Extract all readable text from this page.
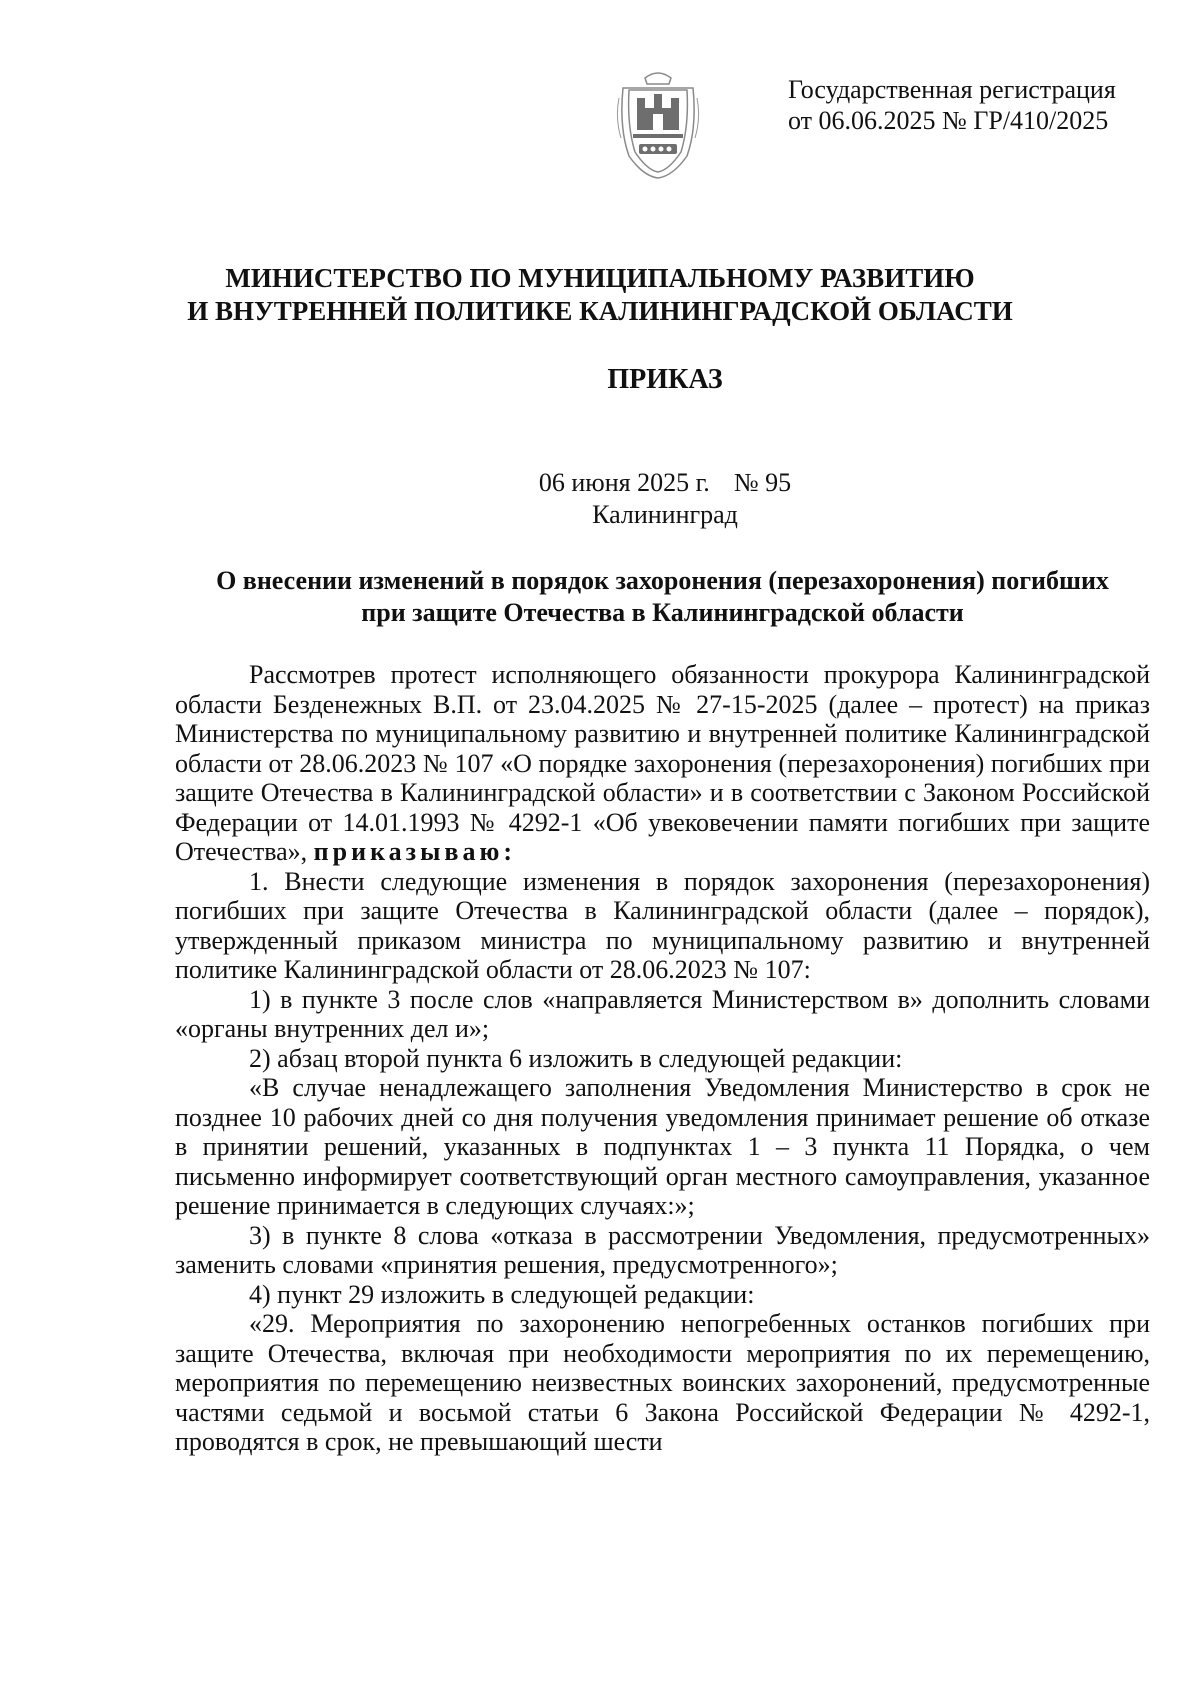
Государственная регистрация
от 06.06.2025 № ГР/410/2025
МИНИСТЕРСТВО ПО МУНИЦИПАЛЬНОМУ РАЗВИТИЮ
И ВНУТРЕННЕЙ ПОЛИТИКЕ КАЛИНИНГРАДСКОЙ ОБЛАСТИ
ПРИКАЗ
06 июня 2025 г. № 95
Калининград
О внесении изменений в порядок захоронения (перезахоронения) погибших
при защите Отечества в Калининградской области

Рассмотрев протест исполняющего обязанности прокурора Калининградской области Безденежных В.П. от 23.04.2025 № 27-15-2025 (далее – протест) на приказ Министерства по муниципальному развитию и внутренней политике Калининградской области от 28.06.2023 № 107 «О порядке захоронения (перезахоронения) погибших при защите Отечества в Калининградской области» и в соответствии с Законом Российской Федерации от 14.01.1993 № 4292-1 «Об увековечении памяти погибших при защите Отечества», приказываю:

1. Внести следующие изменения в порядок захоронения (перезахоронения) погибших при защите Отечества в Калининградской области (далее – порядок), утвержденный приказом министра по муниципальному развитию и внутренней политике Калининградской области от 28.06.2023 № 107:

1) в пункте 3 после слов «направляется Министерством в» дополнить словами «органы внутренних дел и»;

2) абзац второй пункта 6 изложить в следующей редакции:

«В случае ненадлежащего заполнения Уведомления Министерство в срок не позднее 10 рабочих дней со дня получения уведомления принимает решение об отказе в принятии решений, указанных в подпунктах 1 – 3 пункта 11 Порядка, о чем письменно информирует соответствующий орган местного самоуправления, указанное решение принимается в следующих случаях:»;

3) в пункте 8 слова «отказа в рассмотрении Уведомления, предусмотренных» заменить словами «принятия решения, предусмотренного»;

4) пункт 29 изложить в следующей редакции:

«29. Мероприятия по захоронению непогребенных останков погибших при защите Отечества, включая при необходимости мероприятия по их перемещению, мероприятия по перемещению неизвестных воинских захоронений, предусмотренные частями седьмой и восьмой статьи 6 Закона Российской Федерации № 4292-1, проводятся в срок, не превышающий шести
